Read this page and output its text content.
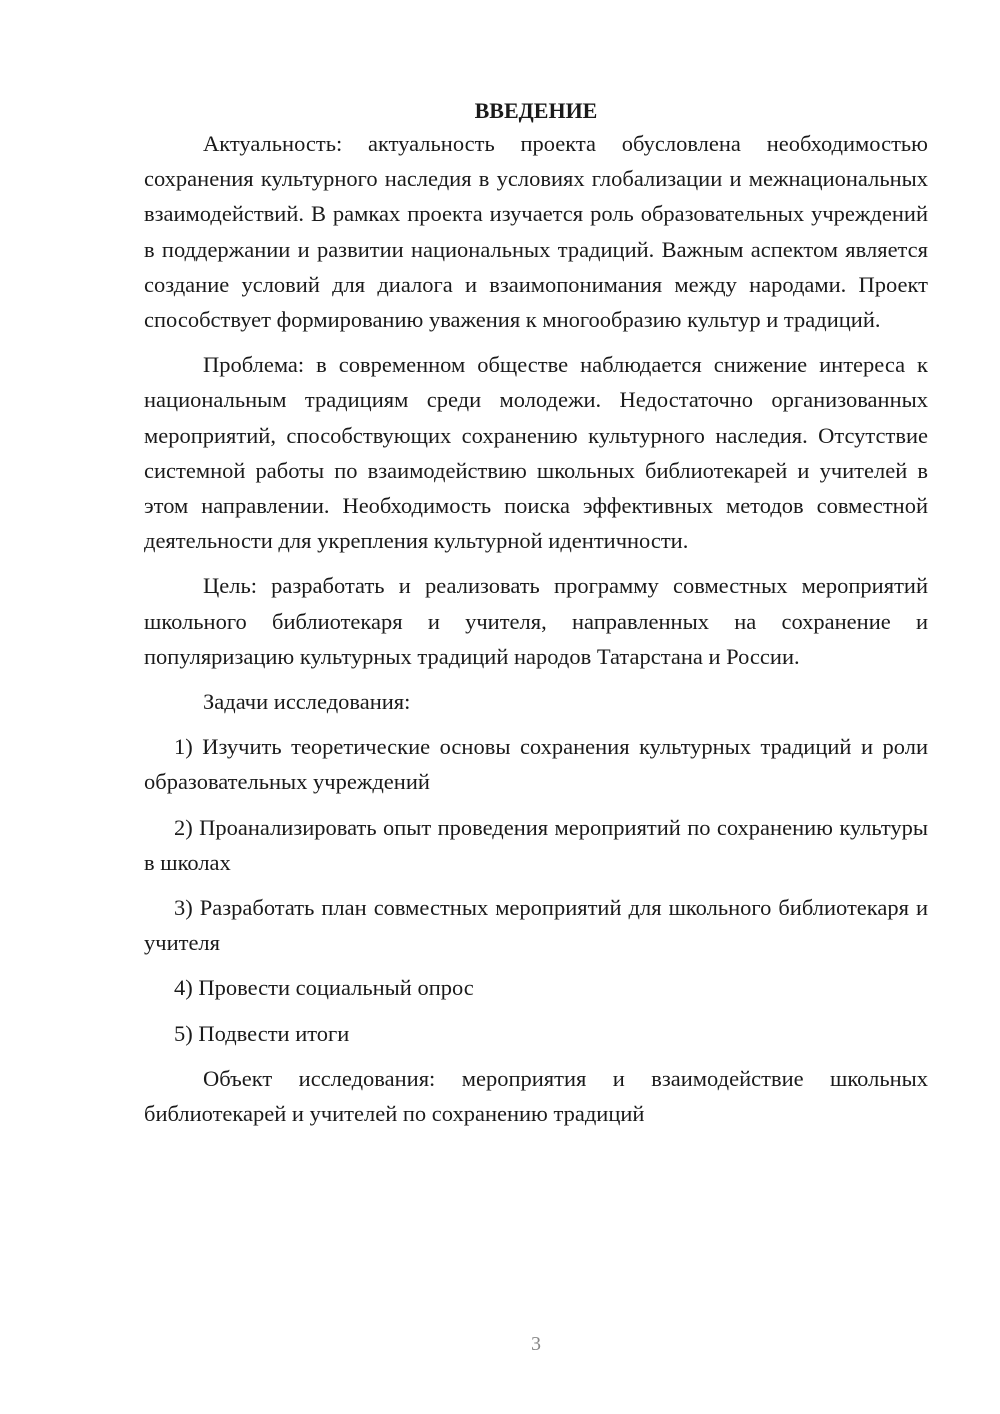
ВВЕДЕНИЕ

Актуальность: актуальность проекта обусловлена необходимостью сохранения культурного наследия в условиях глобализации и межнациональных взаимодействий. В рамках проекта изучается роль образовательных учреждений в поддержании и развитии национальных традиций. Важным аспектом является создание условий для диалога и взаимопонимания между народами. Проект способствует формированию уважения к многообразию культур и традиций.

Проблема: в современном обществе наблюдается снижение интереса к национальным традициям среди молодежи. Недостаточно организованных мероприятий, способствующих сохранению культурного наследия. Отсутствие системной работы по взаимодействию школьных библиотекарей и учителей в этом направлении. Необходимость поиска эффективных методов совместной деятельности для укрепления культурной идентичности.

Цель: разработать и реализовать программу совместных мероприятий школьного библиотекаря и учителя, направленных на сохранение и популяризацию культурных традиций народов Татарстана и России.

Задачи исследования:

1) Изучить теоретические основы сохранения культурных традиций и роли образовательных учреждений

2) Проанализировать опыт проведения мероприятий по сохранению культуры в школах

3) Разработать план совместных мероприятий для школьного библиотекаря и учителя

4) Провести социальный опрос

5) Подвести итоги

Объект исследования: мероприятия и взаимодействие школьных библиотекарей и учителей по сохранению традиций

3
